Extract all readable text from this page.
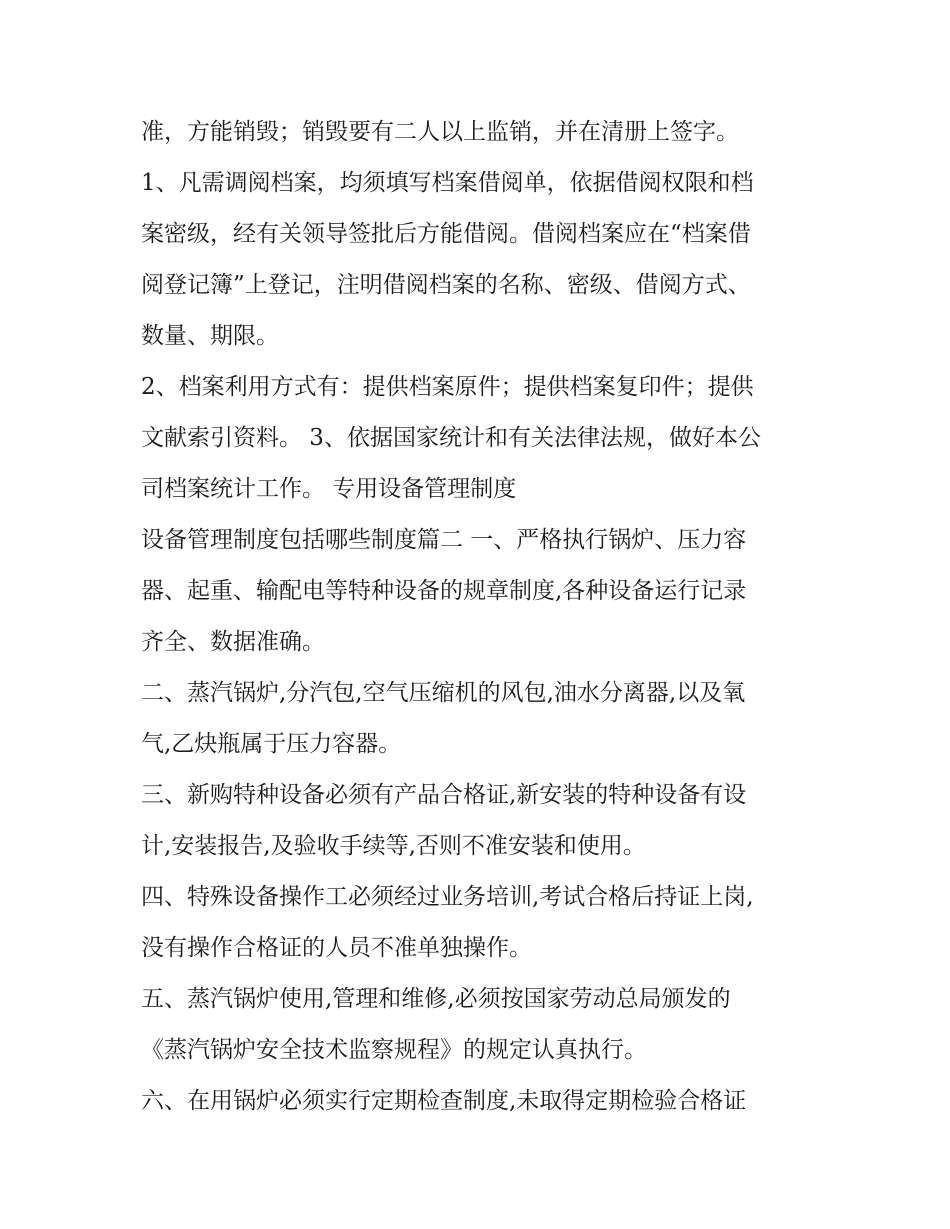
准，方能销毁；销毁要有二人以上监销，并在清册上签字。

1、凡需调阅档案，均须填写档案借阅单，依据借阅权限和档

案密级，经有关领导签批后方能借阅。借阅档案应在“档案借

阅登记簿”上登记，注明借阅档案的名称、密级、借阅方式、

数量、期限。

2、档案利用方式有：提供档案原件；提供档案复印件；提供

文献索引资料。 3、依据国家统计和有关法律法规，做好本公

司档案统计工作。 专用设备管理制度

设备管理制度包括哪些制度篇二 一、严格执行锅炉、压力容

器、起重、输配电等特种设备的规章制度,各种设备运行记录

齐全、数据准确。

二、蒸汽锅炉,分汽包,空气压缩机的风包,油水分离器,以及氧

气,乙炔瓶属于压力容器。

三、新购特种设备必须有产品合格证,新安装的特种设备有设

计,安装报告,及验收手续等,否则不准安装和使用。

四、特殊设备操作工必须经过业务培训,考试合格后持证上岗,

没有操作合格证的人员不准单独操作。

五、蒸汽锅炉使用,管理和维修,必须按国家劳动总局颁发的

《蒸汽锅炉安全技术监察规程》的规定认真执行。

六、在用锅炉必须实行定期检查制度,未取得定期检验合格证
